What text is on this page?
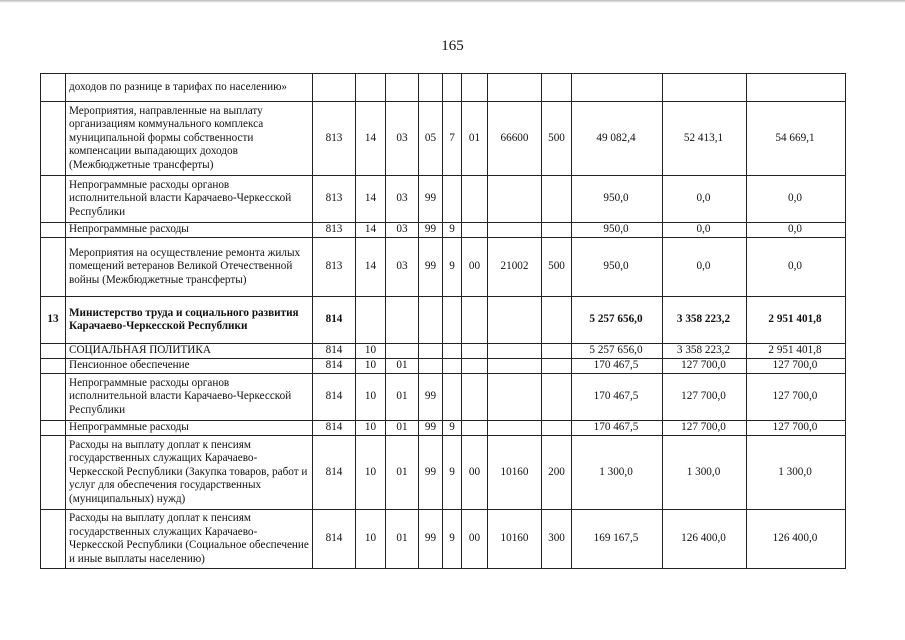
165
	доходов по разнице в тарифах по населению»											
	Мероприятия, направленные на выплату организациям коммунального комплекса муниципальной формы собственности компенсации выпадающих доходов (Межбюджетные трансферты)	813	14	03	05	7	01	66600	500	49 082,4	52 413,1	54 669,1
	Непрограммные расходы органов исполнительной власти Карачаево-Черкесской Республики	813	14	03	99					950,0	0,0	0,0
	Непрограммные расходы	813	14	03	99	9				950,0	0,0	0,0
	Мероприятия на осуществление ремонта жилых помещений ветеранов Великой Отечественной войны (Межбюджетные трансферты)	813	14	03	99	9	00	21002	500	950,0	0,0	0,0
13	Министерство труда и социального развития Карачаево-Черкесской Республики	814								5 257 656,0	3 358 223,2	2 951 401,8
	СОЦИАЛЬНАЯ ПОЛИТИКА	814	10							5 257 656,0	3 358 223,2	2 951 401,8
	Пенсионное обеспечение	814	10	01						170 467,5	127 700,0	127 700,0
	Непрограммные расходы органов исполнительной власти Карачаево-Черкесской Республики	814	10	01	99					170 467,5	127 700,0	127 700,0
	Непрограммные расходы	814	10	01	99	9				170 467,5	127 700,0	127 700,0
	Расходы на выплату доплат к пенсиям государственных служащих Карачаево-Черкесской Республики (Закупка товаров, работ и услуг для обеспечения государственных (муниципальных) нужд)	814	10	01	99	9	00	10160	200	1 300,0	1 300,0	1 300,0
	Расходы на выплату доплат к пенсиям государственных служащих Карачаево-Черкесской Республики (Социальное обеспечение и иные выплаты населению)	814	10	01	99	9	00	10160	300	169 167,5	126 400,0	126 400,0
